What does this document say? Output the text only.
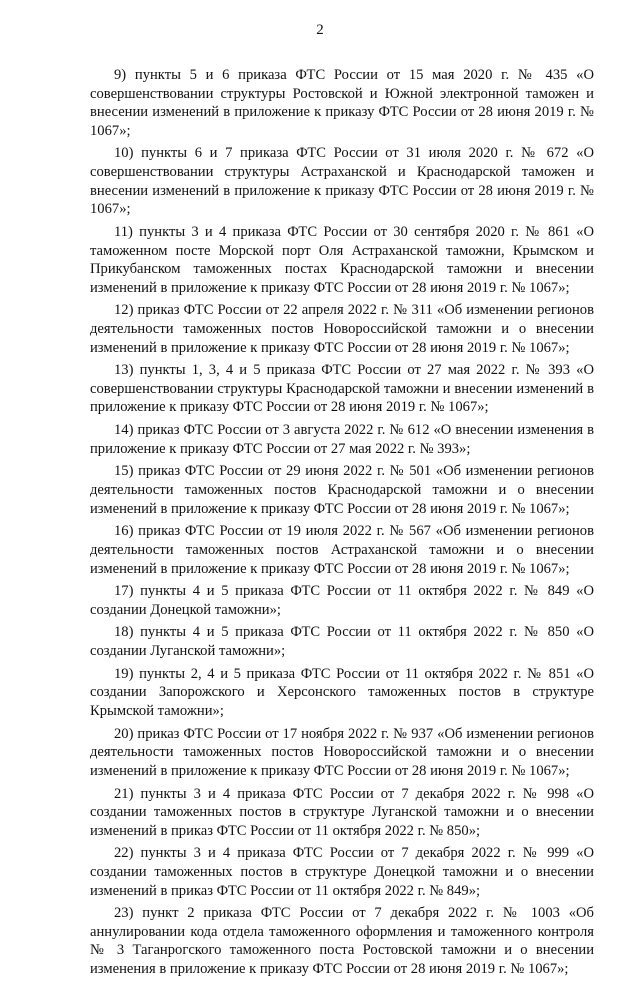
2

9) пункты 5 и 6 приказа ФТС России от 15 мая 2020 г. № 435 «О совершенствовании структуры Ростовской и Южной электронной таможен и внесении изменений в приложение к приказу ФТС России от 28 июня 2019 г. № 1067»;

10) пункты 6 и 7 приказа ФТС России от 31 июля 2020 г. № 672 «О совершенствовании структуры Астраханской и Краснодарской таможен и внесении изменений в приложение к приказу ФТС России от 28 июня 2019 г. № 1067»;

11) пункты 3 и 4 приказа ФТС России от 30 сентября 2020 г. № 861 «О таможенном посте Морской порт Оля Астраханской таможни, Крымском и Прикубанском таможенных постах Краснодарской таможни и внесении изменений в приложение к приказу ФТС России от 28 июня 2019 г. № 1067»;

12) приказ ФТС России от 22 апреля 2022 г. № 311 «Об изменении регионов деятельности таможенных постов Новороссийской таможни и о внесении изменений в приложение к приказу ФТС России от 28 июня 2019 г. № 1067»;

13) пункты 1, 3, 4 и 5 приказа ФТС России от 27 мая 2022 г. № 393 «О совершенствовании структуры Краснодарской таможни и внесении изменений в приложение к приказу ФТС России от 28 июня 2019 г. № 1067»;

14) приказ ФТС России от 3 августа 2022 г. № 612 «О внесении изменения в приложение к приказу ФТС России от 27 мая 2022 г. № 393»;

15) приказ ФТС России от 29 июня 2022 г. № 501 «Об изменении регионов деятельности таможенных постов Краснодарской таможни и о внесении изменений в приложение к приказу ФТС России от 28 июня 2019 г. № 1067»;

16) приказ ФТС России от 19 июля 2022 г. № 567 «Об изменении регионов деятельности таможенных постов Астраханской таможни и о внесении изменений в приложение к приказу ФТС России от 28 июня 2019 г. № 1067»;

17) пункты 4 и 5 приказа ФТС России от 11 октября 2022 г. № 849 «О создании Донецкой таможни»;

18) пункты 4 и 5 приказа ФТС России от 11 октября 2022 г. № 850 «О создании Луганской таможни»;

19) пункты 2, 4 и 5 приказа ФТС России от 11 октября 2022 г. № 851 «О создании Запорожского и Херсонского таможенных постов в структуре Крымской таможни»;

20) приказ ФТС России от 17 ноября 2022 г. № 937 «Об изменении регионов деятельности таможенных постов Новороссийской таможни и о внесении изменений в приложение к приказу ФТС России от 28 июня 2019 г. № 1067»;

21) пункты 3 и 4 приказа ФТС России от 7 декабря 2022 г. № 998 «О создании таможенных постов в структуре Луганской таможни и о внесении изменений в приказ ФТС России от 11 октября 2022 г. № 850»;

22) пункты 3 и 4 приказа ФТС России от 7 декабря 2022 г. № 999 «О создании таможенных постов в структуре Донецкой таможни и о внесении изменений в приказ ФТС России от 11 октября 2022 г. № 849»;

23) пункт 2 приказа ФТС России от 7 декабря 2022 г. № 1003 «Об аннулировании кода отдела таможенного оформления и таможенного контроля № 3 Таганрогского таможенного поста Ростовской таможни и о внесении изменения в приложение к приказу ФТС России от 28 июня 2019 г. № 1067»;
